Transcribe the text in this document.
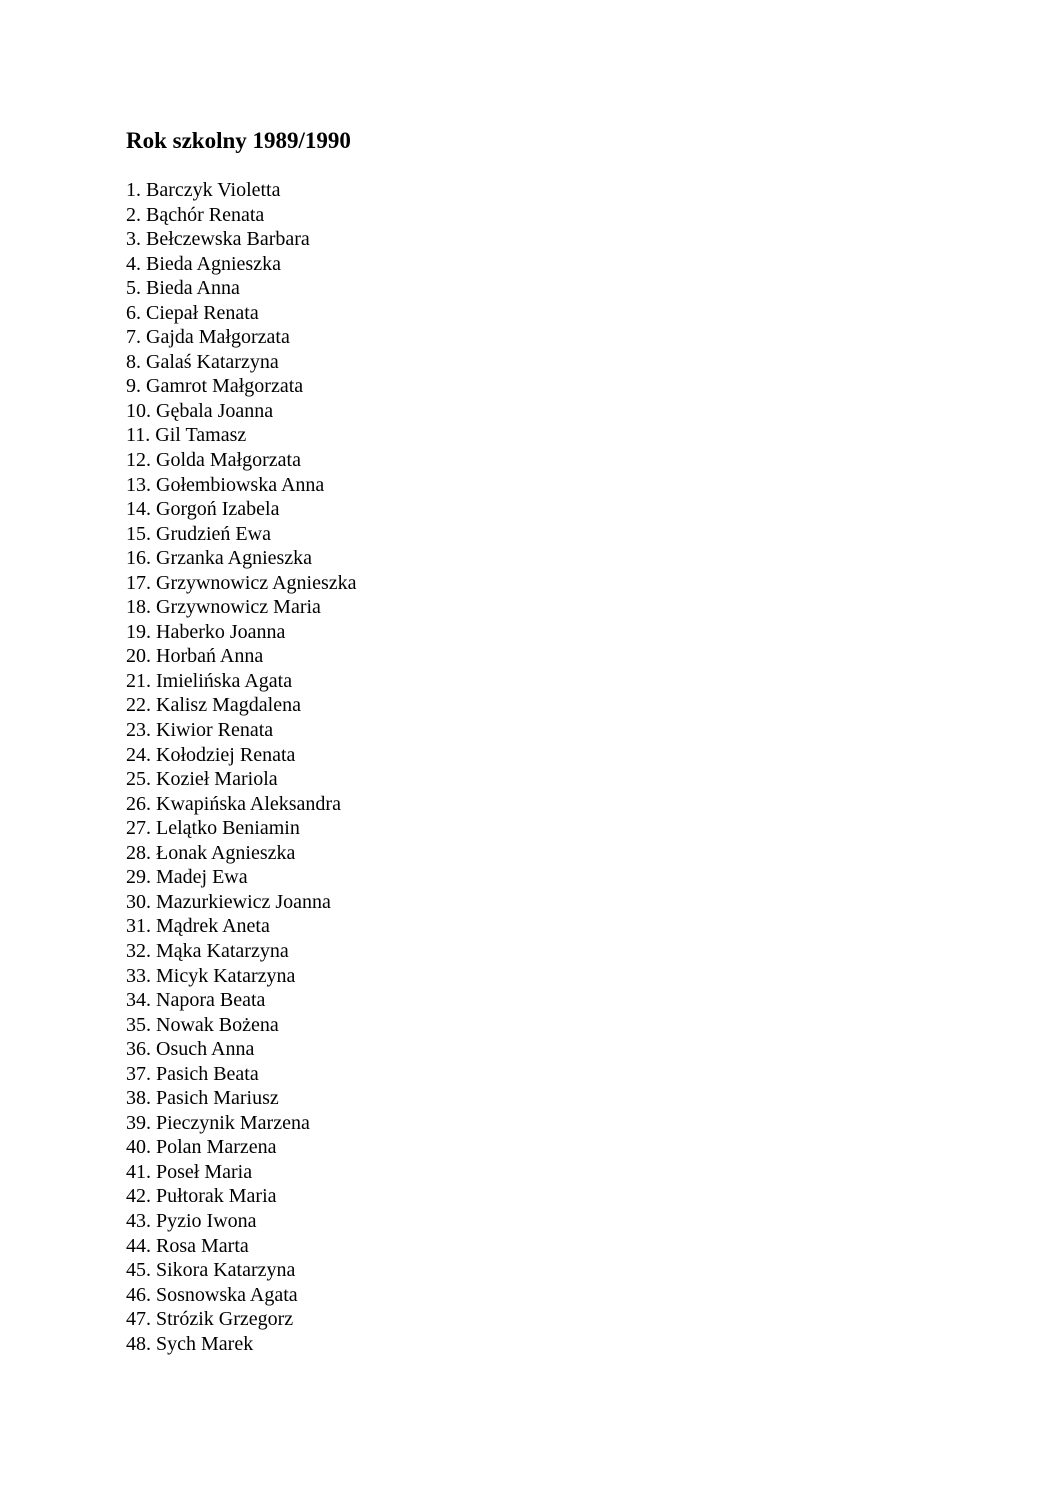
Rok szkolny 1989/1990
1. Barczyk Violetta
2. Bąchór Renata
3. Bełczewska Barbara
4. Bieda Agnieszka
5. Bieda Anna
6. Ciepał Renata
7. Gajda Małgorzata
8. Galaś Katarzyna
9. Gamrot Małgorzata
10. Gębala Joanna
11. Gil Tamasz
12. Golda Małgorzata
13. Gołembiowska Anna
14. Gorgoń Izabela
15. Grudzień Ewa
16. Grzanka Agnieszka
17. Grzywnowicz Agnieszka
18. Grzywnowicz Maria
19. Haberko Joanna
20. Horbań Anna
21. Imielińska Agata
22. Kalisz Magdalena
23. Kiwior Renata
24. Kołodziej Renata
25. Kozieł Mariola
26. Kwapińska Aleksandra
27. Lelątko Beniamin
28. Łonak Agnieszka
29. Madej Ewa
30. Mazurkiewicz Joanna
31. Mądrek Aneta
32. Mąka Katarzyna
33. Micyk Katarzyna
34. Napora Beata
35. Nowak Bożena
36. Osuch Anna
37. Pasich Beata
38. Pasich Mariusz
39. Pieczynik Marzena
40. Polan Marzena
41. Poseł Maria
42. Pułtorak Maria
43. Pyzio Iwona
44. Rosa Marta
45. Sikora Katarzyna
46. Sosnowska Agata
47. Strózik Grzegorz
48. Sych Marek
